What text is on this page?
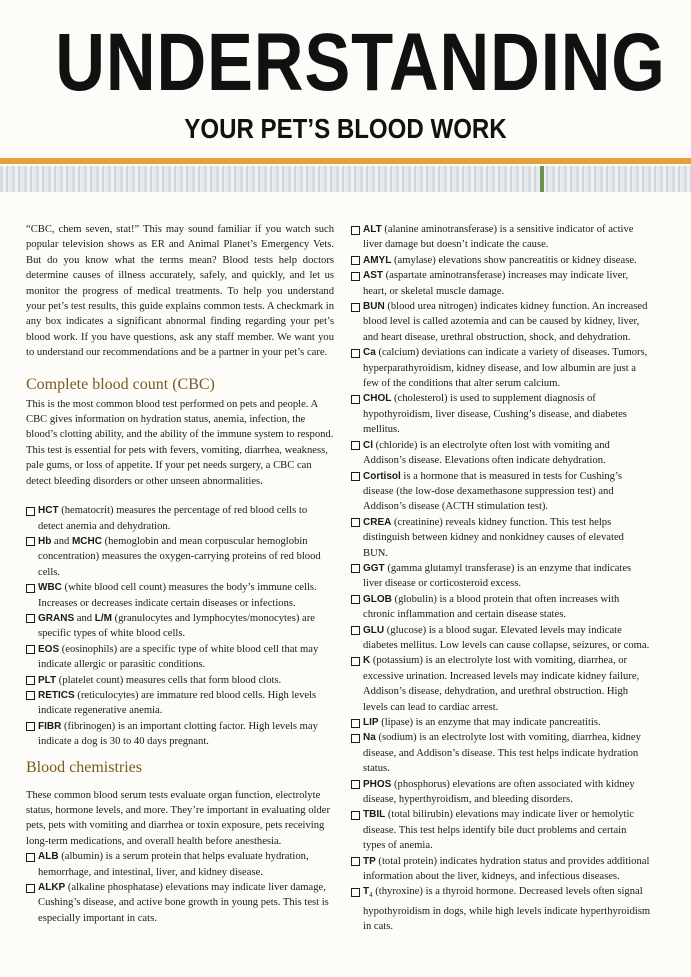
UNDERSTANDING
YOUR PET’S BLOOD WORK

“CBC, chem seven, stat!” This may sound familiar if you watch such popular television shows as ER and Animal Planet’s Emergency Vets. But do you know what the terms mean? Blood tests help doctors determine causes of illness accurately, safely, and quickly, and let us monitor the progress of medical treatments. To help you understand your pet’s test results, this guide explains common tests. A checkmark in any box indicates a significant abnormal finding regarding your pet’s blood work. If you have questions, ask any staff member. We want you to understand our recommendations and be a partner in your pet’s care.

Complete blood count (CBC)

This is the most common blood test performed on pets and people. A CBC gives information on hydration status, anemia, infection, the blood’s clotting ability, and the ability of the immune system to respond. This test is essential for pets with fevers, vomiting, diarrhea, weakness, pale gums, or loss of appetite. If your pet needs surgery, a CBC can detect bleeding disorders or other unseen abnormalities.

HCT (hematocrit) measures the percentage of red blood cells to detect anemia and dehydration.
Hb and MCHC (hemoglobin and mean corpuscular hemoglobin concentration) measures the oxygen-carrying proteins of red blood cells.
WBC (white blood cell count) measures the body’s immune cells. Increases or decreases indicate certain diseases or infections.
GRANS and L/M (granulocytes and lymphocytes/monocytes) are specific types of white blood cells.
EOS (eosinophils) are a specific type of white blood cell that may indicate allergic or parasitic conditions.
PLT (platelet count) measures cells that form blood clots.
RETICS (reticulocytes) are immature red blood cells. High levels indicate regenerative anemia.
FIBR (fibrinogen) is an important clotting factor. High levels may indicate a dog is 30 to 40 days pregnant.
Blood chemistries

These common blood serum tests evaluate organ function, electrolyte status, hormone levels, and more. They’re important in evaluating older pets, pets with vomiting and diarrhea or toxin exposure, pets receiving long-term medications, and overall health before anesthesia.

ALB (albumin) is a serum protein that helps evaluate hydration, hemorrhage, and intestinal, liver, and kidney disease.
ALKP (alkaline phosphatase) elevations may indicate liver damage, Cushing’s disease, and active bone growth in young pets. This test is especially important in cats.
ALT (alanine aminotransferase) is a sensitive indicator of active liver damage but doesn’t indicate the cause.
AMYL (amylase) elevations show pancreatitis or kidney disease.
AST (aspartate aminotransferase) increases may indicate liver, heart, or skeletal muscle damage.
BUN (blood urea nitrogen) indicates kidney function. An increased blood level is called azotemia and can be caused by kidney, liver, and heart disease, urethral obstruction, shock, and dehydration.
Ca (calcium) deviations can indicate a variety of diseases. Tumors, hyperparathyroidism, kidney disease, and low albumin are just a few of the conditions that alter serum calcium.
CHOL (cholesterol) is used to supplement diagnosis of hypothyroidism, liver disease, Cushing’s disease, and diabetes mellitus.
Cl (chloride) is an electrolyte often lost with vomiting and Addison’s disease. Elevations often indicate dehydration.
Cortisol is a hormone that is measured in tests for Cushing’s disease (the low-dose dexamethasone suppression test) and Addison’s disease (ACTH stimulation test).
CREA (creatinine) reveals kidney function. This test helps distinguish between kidney and nonkidney causes of elevated BUN.
GGT (gamma glutamyl transferase) is an enzyme that indicates liver disease or corticosteroid excess.
GLOB (globulin) is a blood protein that often increases with chronic inflammation and certain disease states.
GLU (glucose) is a blood sugar. Elevated levels may indicate diabetes mellitus. Low levels can cause collapse, seizures, or coma.
K (potassium) is an electrolyte lost with vomiting, diarrhea, or excessive urination. Increased levels may indicate kidney failure, Addison’s disease, dehydration, and urethral obstruction. High levels can lead to cardiac arrest.
LIP (lipase) is an enzyme that may indicate pancreatitis.
Na (sodium) is an electrolyte lost with vomiting, diarrhea, kidney disease, and Addison’s disease. This test helps indicate hydration status.
PHOS (phosphorus) elevations are often associated with kidney disease, hyperthyroidism, and bleeding disorders.
TBIL (total bilirubin) elevations may indicate liver or hemolytic disease. This test helps identify bile duct problems and certain types of anemia.
TP (total protein) indicates hydration status and provides additional information about the liver, kidneys, and infectious diseases.
$T_4$ (thyroxine) is a thyroid hormone. Decreased levels often signal hypothyroidism in dogs, while high levels indicate hyperthyroidism in cats.
